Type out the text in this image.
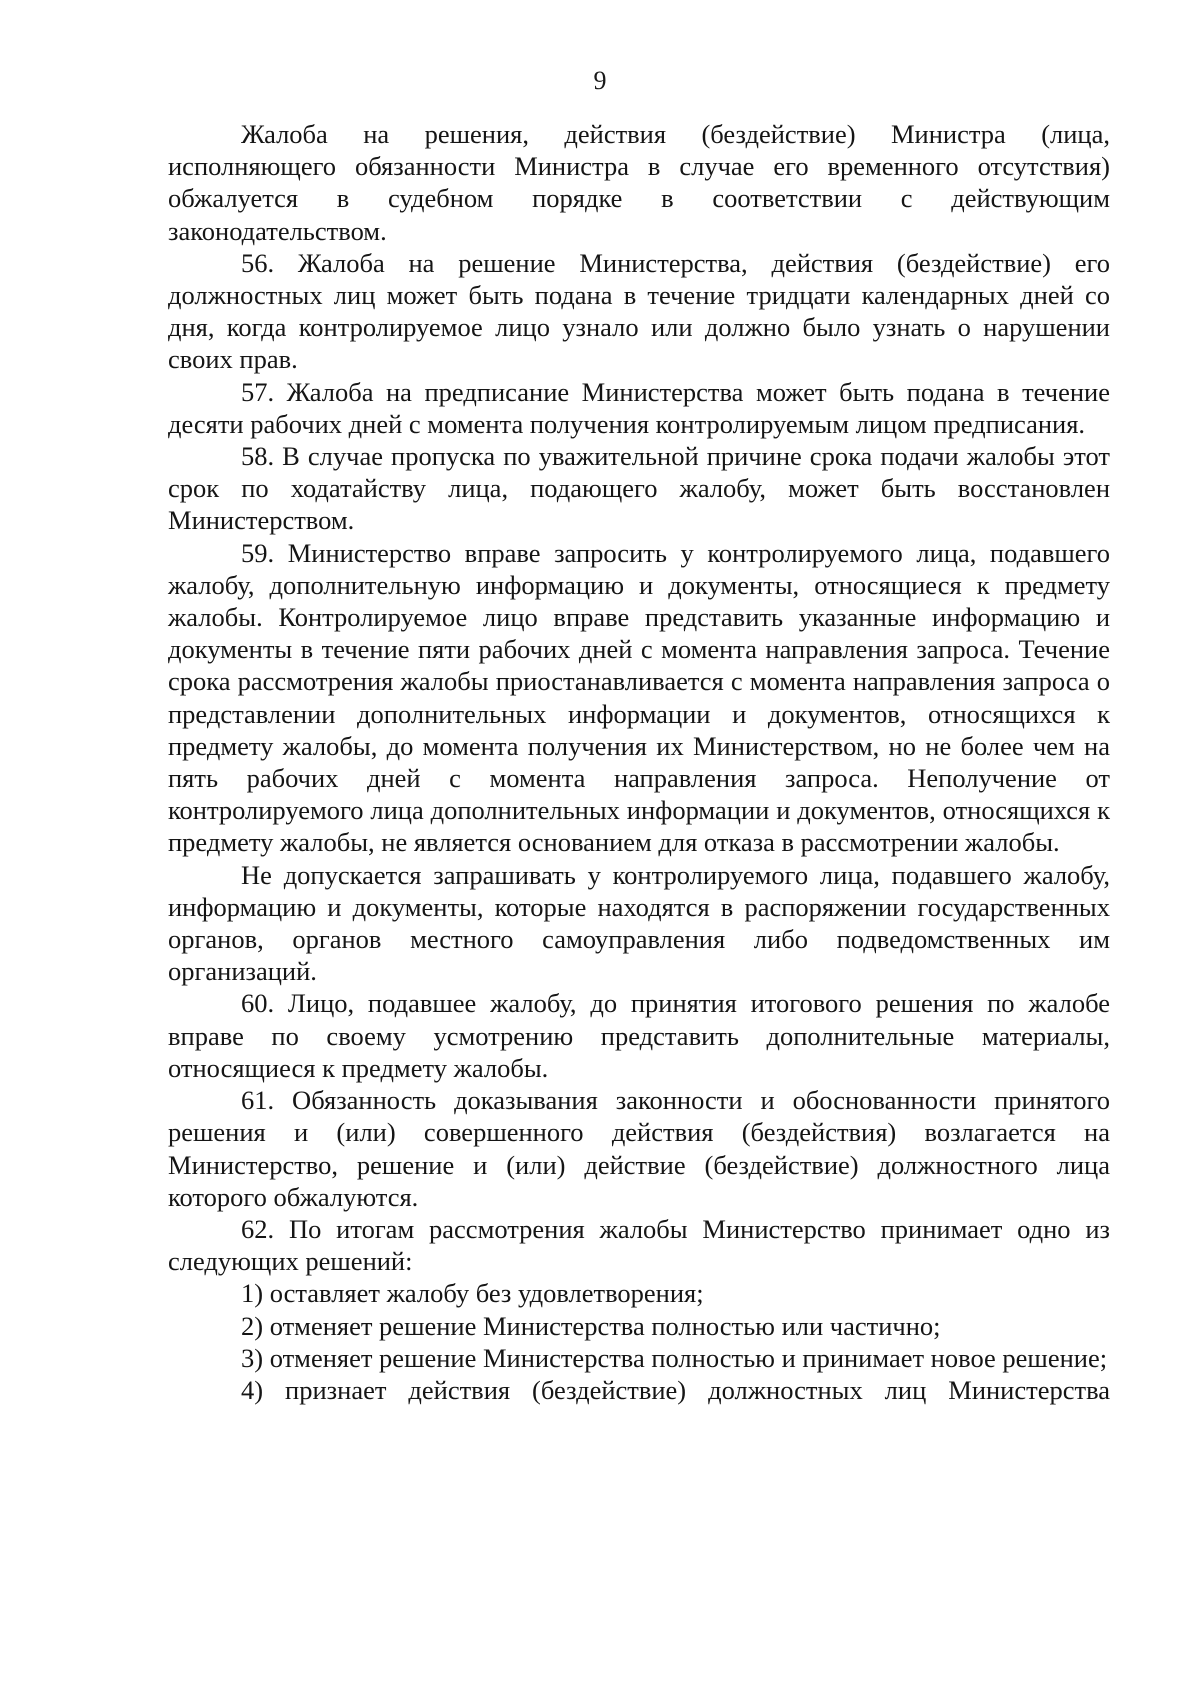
9

Жалоба на решения, действия (бездействие) Министра (лица, исполняющего обязанности Министра в случае его временного отсутствия) обжалуется в судебном порядке в соответствии с действующим законодательством.

56. Жалоба на решение Министерства, действия (бездействие) его должностных лиц может быть подана в течение тридцати календарных дней со дня, когда контролируемое лицо узнало или должно было узнать о нарушении своих прав.

57. Жалоба на предписание Министерства может быть подана в течение десяти рабочих дней с момента получения контролируемым лицом предписания.

58. В случае пропуска по уважительной причине срока подачи жалобы этот срок по ходатайству лица, подающего жалобу, может быть восстановлен Министерством.

59. Министерство вправе запросить у контролируемого лица, подавшего жалобу, дополнительную информацию и документы, относящиеся к предмету жалобы. Контролируемое лицо вправе представить указанные информацию и документы в течение пяти рабочих дней с момента направления запроса. Течение срока рассмотрения жалобы приостанавливается с момента направления запроса о представлении дополнительных информации и документов, относящихся к предмету жалобы, до момента получения их Министерством, но не более чем на пять рабочих дней с момента направления запроса. Неполучение от контролируемого лица дополнительных информации и документов, относящихся к предмету жалобы, не является основанием для отказа в рассмотрении жалобы.

Не допускается запрашивать у контролируемого лица, подавшего жалобу, информацию и документы, которые находятся в распоряжении государственных органов, органов местного самоуправления либо подведомственных им организаций.

60. Лицо, подавшее жалобу, до принятия итогового решения по жалобе вправе по своему усмотрению представить дополнительные материалы, относящиеся к предмету жалобы.

61. Обязанность доказывания законности и обоснованности принятого решения и (или) совершенного действия (бездействия) возлагается на Министерство, решение и (или) действие (бездействие) должностного лица которого обжалуются.

62. По итогам рассмотрения жалобы Министерство принимает одно из следующих решений:

1) оставляет жалобу без удовлетворения;

2) отменяет решение Министерства полностью или частично;

3) отменяет решение Министерства полностью и принимает новое решение;

4) признает действия (бездействие) должностных лиц Министерства
